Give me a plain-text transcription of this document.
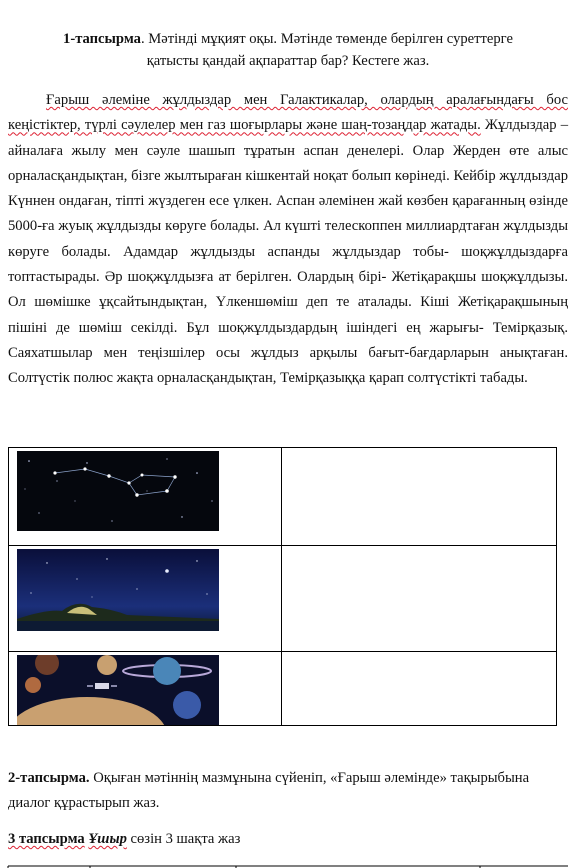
1-тапсырма. Мәтінді мұқият оқы. Мәтінде төменде берілген суреттерге
қатысты қандай ақпараттар бар? Кестеге жаз.
Ғарыш әлеміне жұлдыздар мен Галактикалар, олардың аралағындағы бос кеңістіктер, түрлі сәулелер мен газ шоғырлары және шаң-тозаңдар жатады. Жұлдыздар – айналаға жылу мен сәуле шашып тұратын аспан денелері. Олар Жерден өте алыс орналасқандықтан, бізге жылтыраған кішкентай ноқат болып көрінеді. Кейбір жұлдыздар Күннен ондаған, тіпті жүздеген есе үлкен. Аспан әлемінен жай көзбен қарағанның өзінде 5000-ға жуық жұлдызды көруге болады. Ал күшті телескоппен миллиардтаған жұлдызды көруге болады. Адамдар жұлдызды аспанды жұлдыздар тобы- шоқжұлдыздарға топтастырады. Әр шоқжұлдызға ат берілген. Олардың бірі- Жетіқарақшы шоқжұлдызы. Ол шөмішке ұқсайтындықтан, Үлкеншөміш деп те аталады. Кіші Жетіқарақшының пішіні де шөміш секілді. Бұл шоқжұлдыздардың ішіндегі ең жарығы- Темірқазық. Саяхатшылар мен теңізшілер осы жұлдыз арқылы бағыт-бағдарларын анықтаған. Солтүстік полюс жақта орналасқандықтан, Темірқазыққа қарап солтүстікті табады.

2-тапсырма. Оқыған мәтіннің мазмұнына сүйеніп, «Ғарыш әлемінде» тақырыбына диалог құрастырып жаз.
3 тапсырма Ұшыр сөзін 3 шақта жаз
